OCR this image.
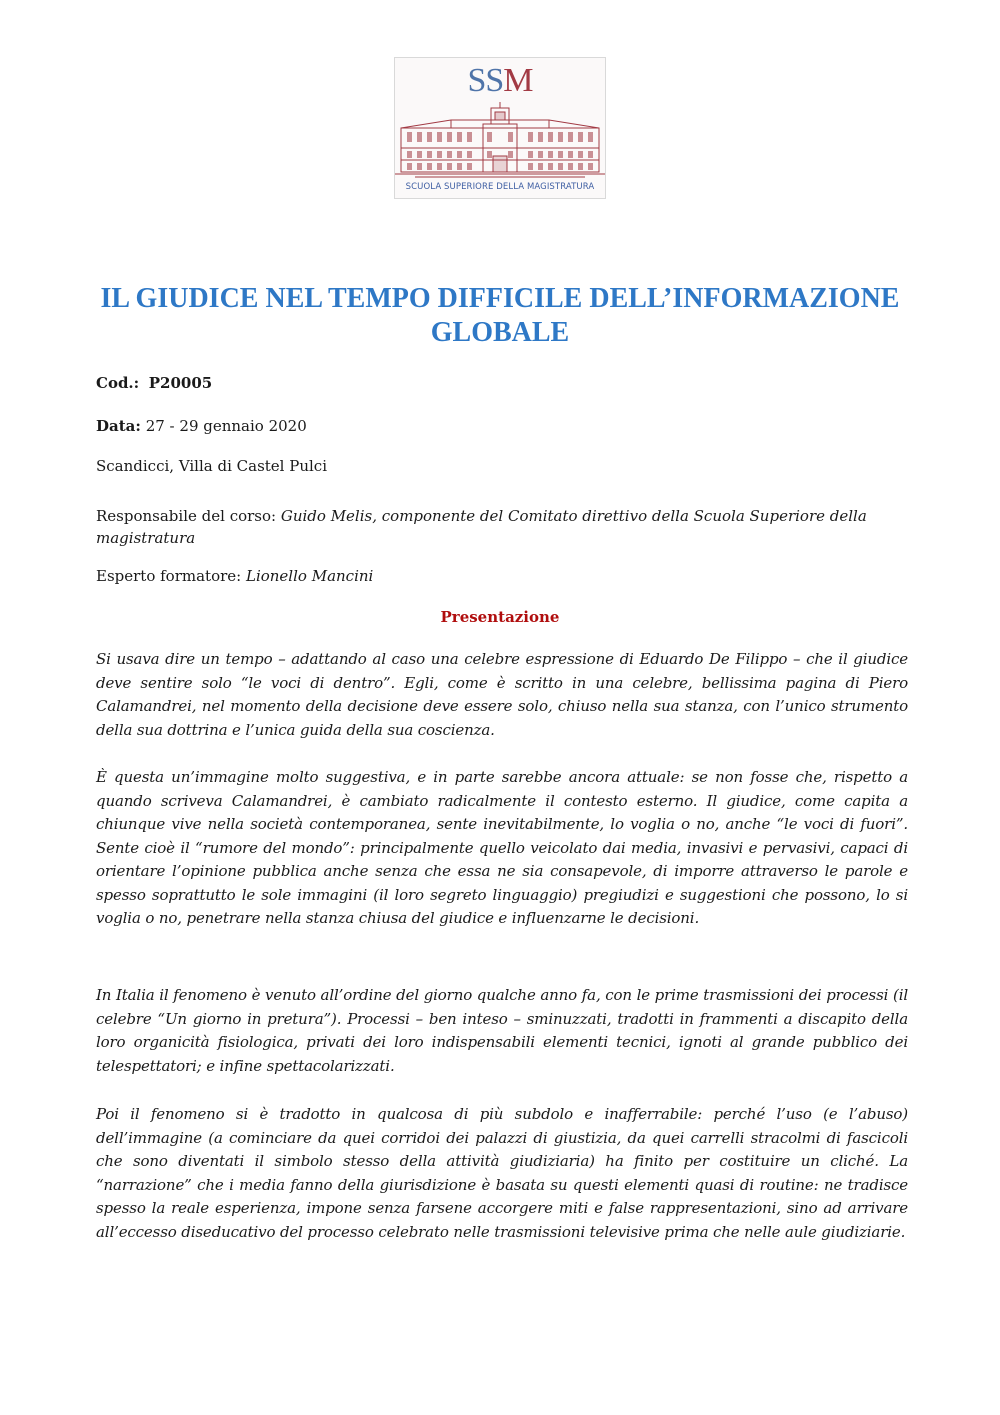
SSM
SCUOLA SUPERIORE DELLA MAGISTRATURA
IL GIUDICE NEL TEMPO DIFFICILE DELL’INFORMAZIONE GLOBALE

Cod.: P20005

Data: 27 - 29 gennaio 2020

Scandicci, Villa di Castel Pulci

Responsabile del corso: Guido Melis, componente del Comitato direttivo della Scuola Superiore della magistratura

Esperto formatore: Lionello Mancini

Presentazione

Si usava dire un tempo – adattando al caso una celebre espressione di Eduardo De Filippo – che il giudice deve sentire solo “le voci di dentro”. Egli, come è scritto in una celebre, bellissima pagina di Piero Calamandrei, nel momento della decisione deve essere solo, chiuso nella sua stanza, con l’unico strumento della sua dottrina e l’unica guida della sua coscienza.

È questa un’immagine molto suggestiva, e in parte sarebbe ancora attuale: se non fosse che, rispetto a quando scriveva Calamandrei, è cambiato radicalmente il contesto esterno. Il giudice, come capita a chiunque vive nella società contemporanea, sente inevitabilmente, lo voglia o no, anche “le voci di fuori”. Sente cioè il “rumore del mondo”: principalmente quello veicolato dai media, invasivi e pervasivi, capaci di orientare l’opinione pubblica anche senza che essa ne sia consapevole, di imporre attraverso le parole e spesso soprattutto le sole immagini (il loro segreto linguaggio) pregiudizi e suggestioni che possono, lo si voglia o no, penetrare nella stanza chiusa del giudice e influenzarne le decisioni.

In Italia il fenomeno è venuto all’ordine del giorno qualche anno fa, con le prime trasmissioni dei processi (il celebre “Un giorno in pretura”). Processi – ben inteso – sminuzzati, tradotti in frammenti a discapito della loro organicità fisiologica, privati dei loro indispensabili elementi tecnici, ignoti al grande pubblico dei telespettatori; e infine spettacolarizzati.

Poi il fenomeno si è tradotto in qualcosa di più subdolo e inafferrabile: perché l’uso (e l’abuso) dell’immagine (a cominciare da quei corridoi dei palazzi di giustizia, da quei carrelli stracolmi di fascicoli che sono diventati il simbolo stesso della attività giudiziaria) ha finito per costituire un cliché. La “narrazione” che i media fanno della giurisdizione è basata su questi elementi quasi di routine: ne tradisce spesso la reale esperienza, impone senza farsene accorgere miti e false rappresentazioni, sino ad arrivare all’eccesso diseducativo del processo celebrato nelle trasmissioni televisive prima che nelle aule giudiziarie.
